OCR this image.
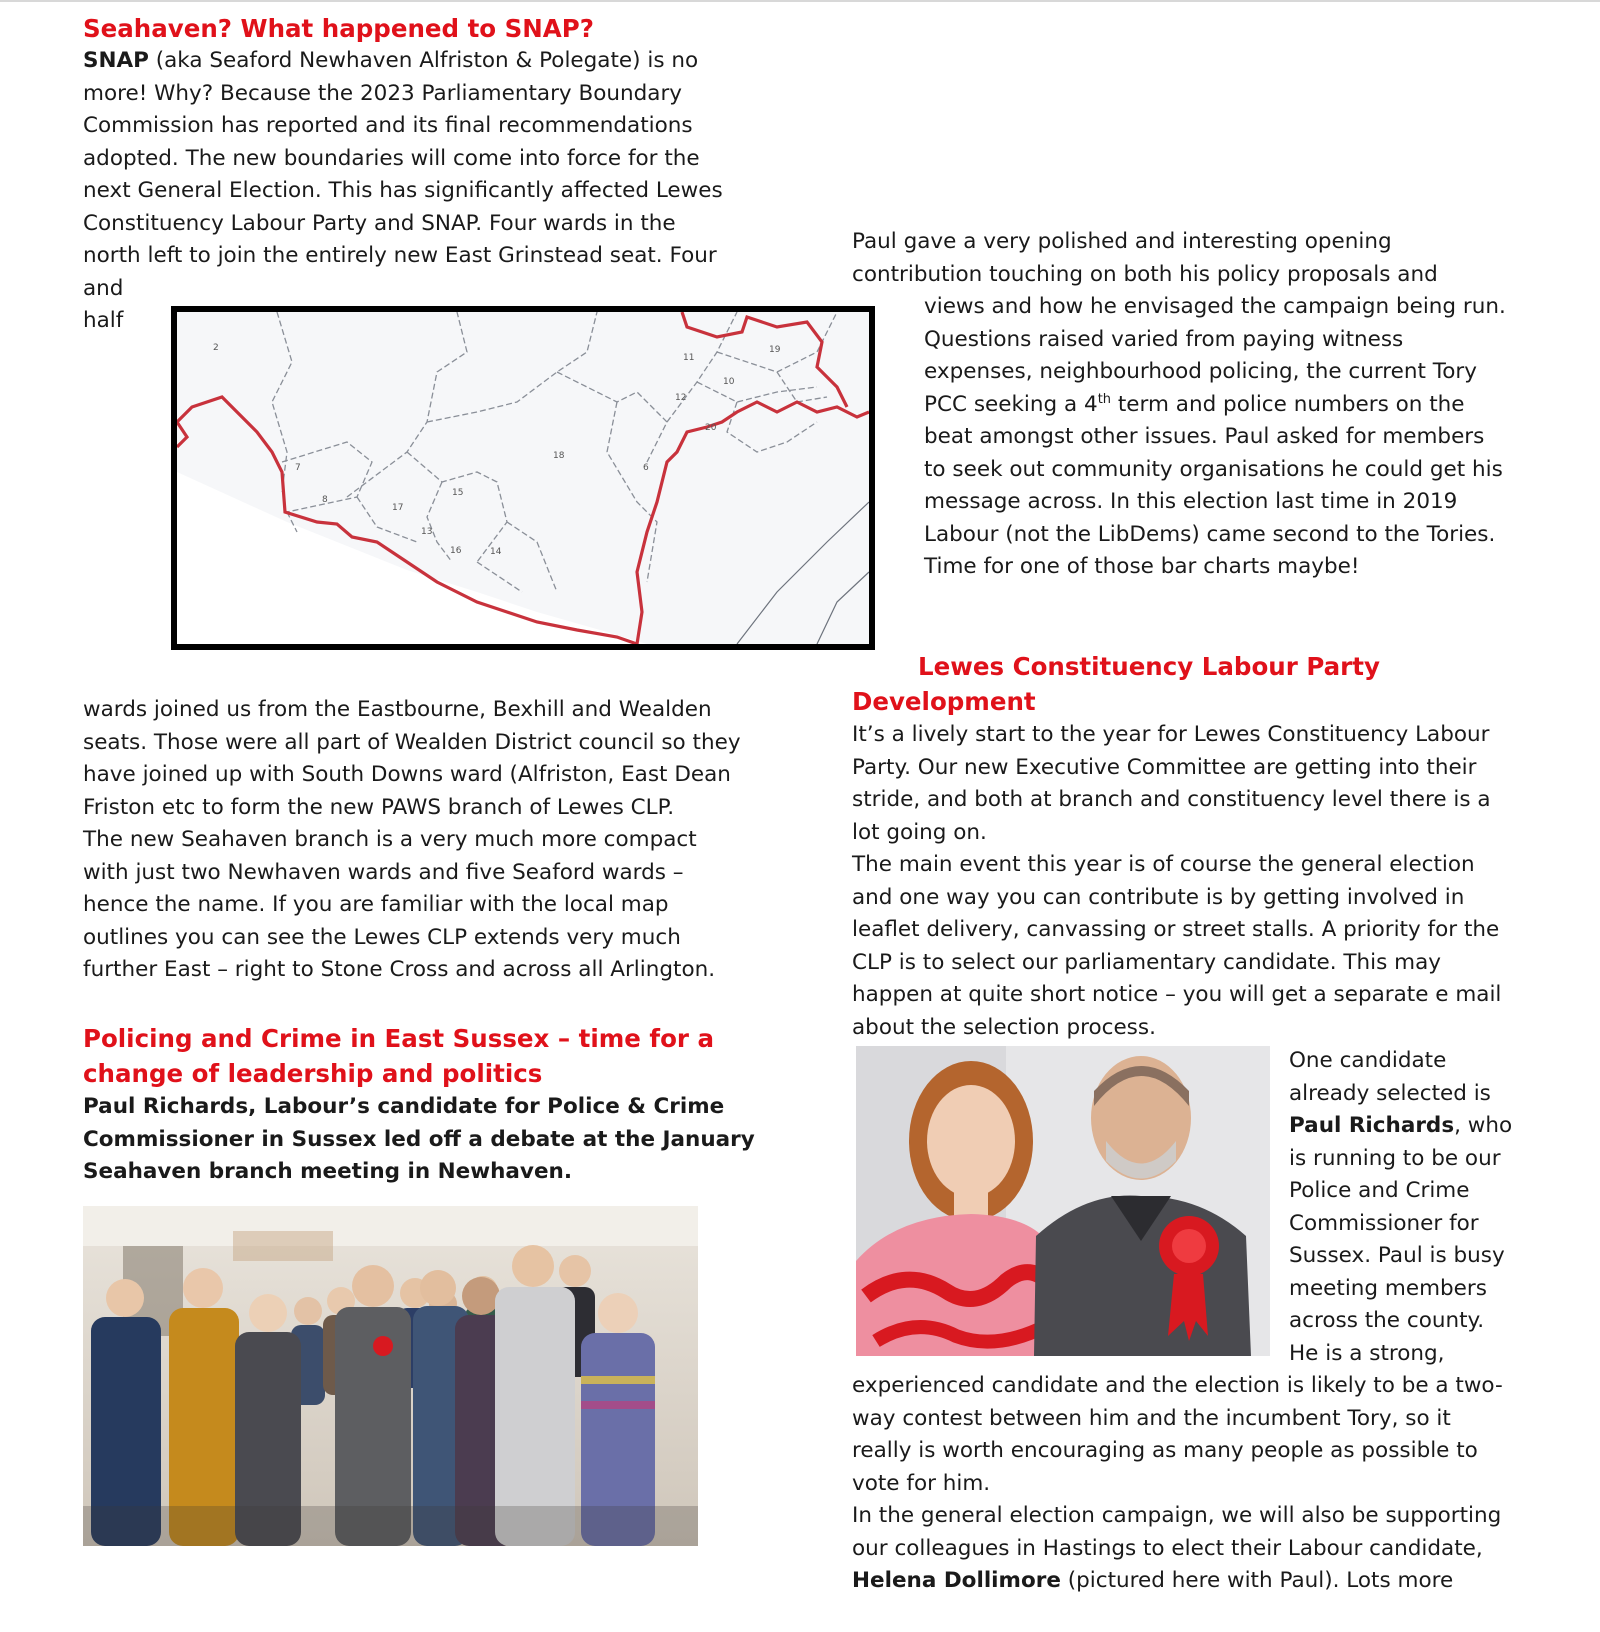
Seahaven? What happened to SNAP?

SNAP (aka Seaford Newhaven Alfriston & Polegate) is no
more! Why? Because the 2023 Parliamentary Boundary
Commission has reported and its final recommendations
adopted. The new boundaries will come into force for the
next General Election. This has significantly affected Lewes
Constituency Labour Party and SNAP. Four wards in the
north left to join the entirely new East Grinstead seat. Four
and
half

2
7
8
17
15
13
16	14
18
6
11
12
10
20
19

wards joined us from the Eastbourne, Bexhill and Wealden
seats. Those were all part of Wealden District council so they
have joined up with South Downs ward (Alfriston, East Dean
Friston etc to form the new PAWS branch of Lewes CLP.
The new Seahaven branch is a very much more compact
with just two Newhaven wards and five Seaford wards –
hence the name. If you are familiar with the local map
outlines you can see the Lewes CLP extends very much
further East – right to Stone Cross and across all Arlington.

Policing and Crime in East Sussex – time for a
change of leadership and politics

Paul Richards, Labour’s candidate for Police & Crime
Commissioner in Sussex led off a debate at the January
Seahaven branch meeting in Newhaven.

Paul gave a very polished and interesting opening
contribution touching on both his policy proposals and

views and how he envisaged the campaign being run.
Questions raised varied from paying witness
expenses, neighbourhood policing, the current Tory
PCC seeking a 4th term and police numbers on the
beat amongst other issues. Paul asked for members
to seek out community organisations he could get his
message across. In this election last time in 2019
Labour (not the LibDems) came second to the Tories.
Time for one of those bar charts maybe!

Lewes Constituency Labour Party
Development

It’s a lively start to the year for Lewes Constituency Labour
Party. Our new Executive Committee are getting into their
stride, and both at branch and constituency level there is a
lot going on.
The main event this year is of course the general election
and one way you can contribute is by getting involved in
leaflet delivery, canvassing or street stalls. A priority for the
CLP is to select our parliamentary candidate. This may
happen at quite short notice – you will get a separate e mail
about the selection process.

One candidate
already selected is
Paul Richards, who
is running to be our
Police and Crime
Commissioner for
Sussex. Paul is busy
meeting members
across the county.
He is a strong,

experienced candidate and the election is likely to be a two-
way contest between him and the incumbent Tory, so it
really is worth encouraging as many people as possible to
vote for him.
In the general election campaign, we will also be supporting
our colleagues in Hastings to elect their Labour candidate,
Helena Dollimore (pictured here with Paul). Lots more
